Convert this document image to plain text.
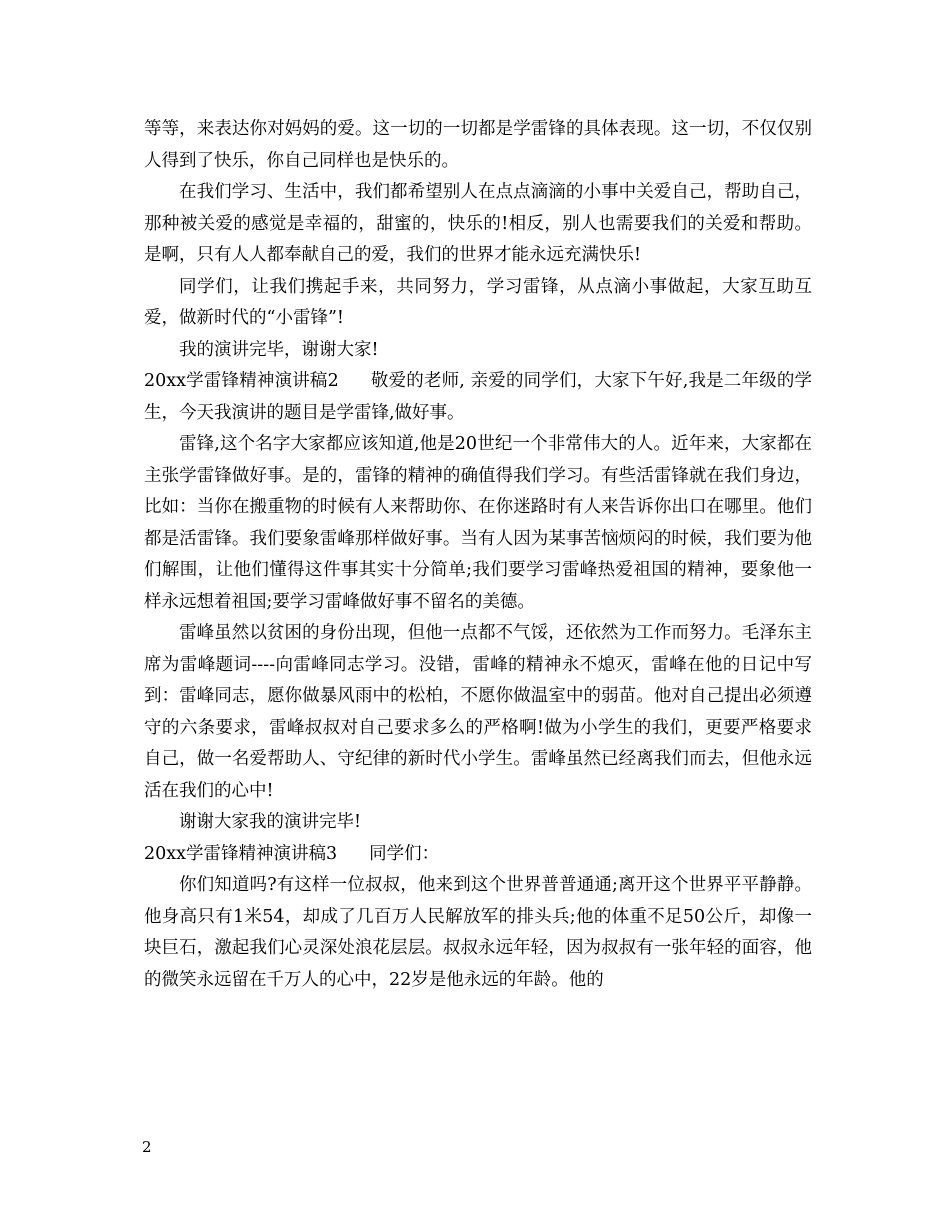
等等，来表达你对妈妈的爱。这一切的一切都是学雷锋的具体表现。这一切，不仅仅别人得到了快乐，你自己同样也是快乐的。

在我们学习、生活中，我们都希望别人在点点滴滴的小事中关爱自己，帮助自己，那种被关爱的感觉是幸福的，甜蜜的，快乐的!相反，别人也需要我们的关爱和帮助。是啊，只有人人都奉献自己的爱，我们的世界才能永远充满快乐!

同学们，让我们携起手来，共同努力，学习雷锋，从点滴小事做起，大家互助互爱，做新时代的“小雷锋”!

我的演讲完毕，谢谢大家!

20xx学雷锋精神演讲稿2 敬爱的老师, 亲爱的同学们，大家下午好,我是二年级的学生，今天我演讲的题目是学雷锋,做好事。

雷锋,这个名字大家都应该知道,他是20世纪一个非常伟大的人。近年来，大家都在主张学雷锋做好事。是的，雷锋的精神的确值得我们学习。有些活雷锋就在我们身边，比如：当你在搬重物的时候有人来帮助你、在你迷路时有人来告诉你出口在哪里。他们都是活雷锋。我们要象雷峰那样做好事。当有人因为某事苦恼烦闷的时候，我们要为他们解围，让他们懂得这件事其实十分简单;我们要学习雷峰热爱祖国的精神，要象他一样永远想着祖国;要学习雷峰做好事不留名的美德。

雷峰虽然以贫困的身份出现，但他一点都不气馁，还依然为工作而努力。毛泽东主席为雷峰题词----向雷峰同志学习。没错，雷峰的精神永不熄灭，雷峰在他的日记中写到：雷峰同志，愿你做暴风雨中的松柏，不愿你做温室中的弱苗。他对自己提出必须遵守的六条要求，雷峰叔叔对自己要求多么的严格啊!做为小学生的我们，更要严格要求自己，做一名爱帮助人、守纪律的新时代小学生。雷峰虽然已经离我们而去，但他永远活在我们的心中!

谢谢大家我的演讲完毕!

20xx学雷锋精神演讲稿3 同学们：

你们知道吗?有这样一位叔叔，他来到这个世界普普通通;离开这个世界平平静静。他身高只有1米54，却成了几百万人民解放军的排头兵;他的体重不足50公斤，却像一块巨石，激起我们心灵深处浪花层层。叔叔永远年轻，因为叔叔有一张年轻的面容，他的微笑永远留在千万人的心中，22岁是他永远的年龄。他的

2
